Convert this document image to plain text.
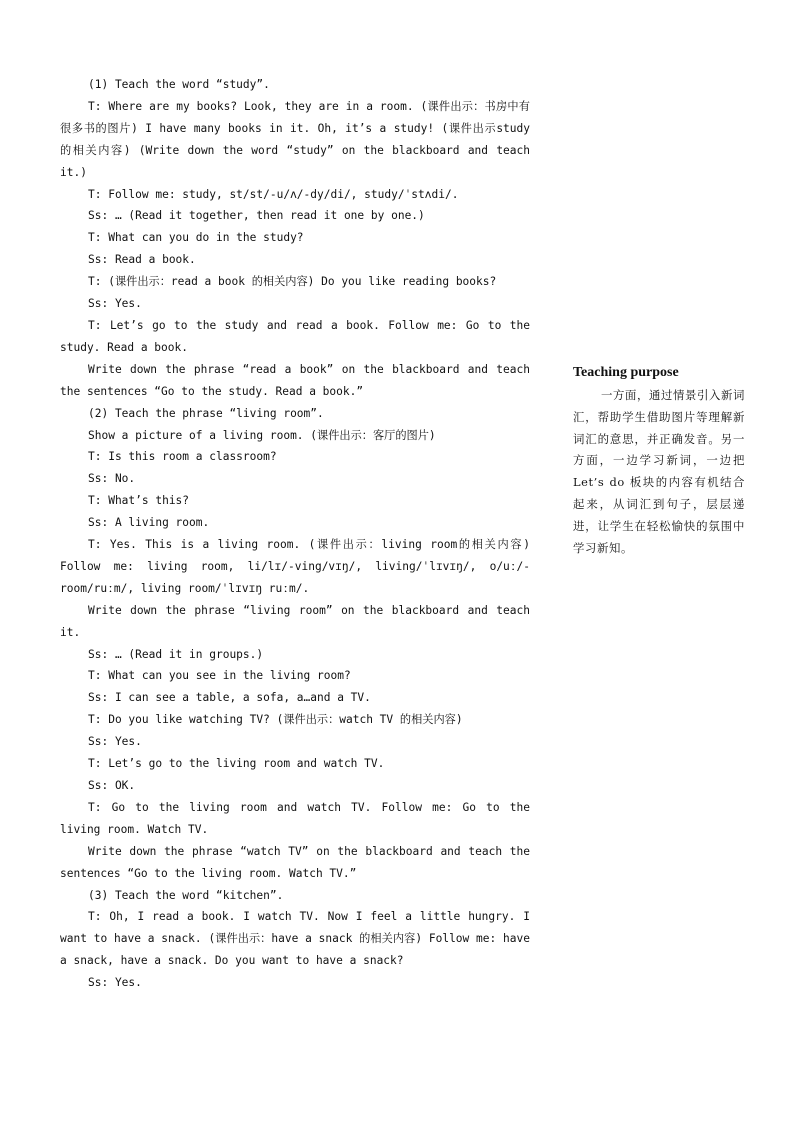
(1) Teach the word “study”.

T: Where are my books? Look, they are in a room. (课件出示：书房中有很多书的图片) I have many books in it. Oh, it’s a study! (课件出示study 的相关内容) (Write down the word “study” on the blackboard and teach it.)

T: Follow me: study, st/st/-u/ʌ/-dy/di/, study/ˈstʌdi/.

Ss: … (Read it together, then read it one by one.)

T: What can you do in the study?

Ss: Read a book.

T: (课件出示：read a book 的相关内容) Do you like reading books?

Ss: Yes.

T: Let’s go to the study and read a book. Follow me: Go to the study. Read a book.

Write down the phrase “read a book” on the blackboard and teach the sentences “Go to the study. Read a book.”

(2) Teach the phrase “living room”.

Show a picture of a living room. (课件出示：客厅的图片)

T: Is this room a classroom?

Ss: No.

T: What’s this?

Ss: A living room.

T: Yes. This is a living room. (课件出示：living room的相关内容) Follow me: living room, li/lɪ/-ving/vɪŋ/, living/ˈlɪvɪŋ/, o/uː/-room/ruːm/, living room/ˈlɪvɪŋ ruːm/.

Write down the phrase “living room” on the blackboard and teach it.

Ss: … (Read it in groups.)

T: What can you see in the living room?

Ss: I can see a table, a sofa, a…and a TV.

T: Do you like watching TV? (课件出示：watch TV 的相关内容)

Ss: Yes.

T: Let’s go to the living room and watch TV.

Ss: OK.

T: Go to the living room and watch TV. Follow me: Go to the living room. Watch TV.

Write down the phrase “watch TV” on the blackboard and teach the sentences “Go to the living room. Watch TV.”

(3) Teach the word “kitchen”.

T: Oh, I read a book. I watch TV. Now I feel a little hungry. I want to have a snack. (课件出示：have a snack 的相关内容) Follow me: have a snack, have a snack. Do you want to have a snack?

Ss: Yes.

Teaching purpose

一方面，通过情景引入新词汇，帮助学生借助图片等理解新词汇的意思，并正确发音。另一方面，一边学习新词，一边把 Let’s do 板块的内容有机结合起来，从词汇到句子，层层递进，让学生在轻松愉快的氛围中学习新知。
